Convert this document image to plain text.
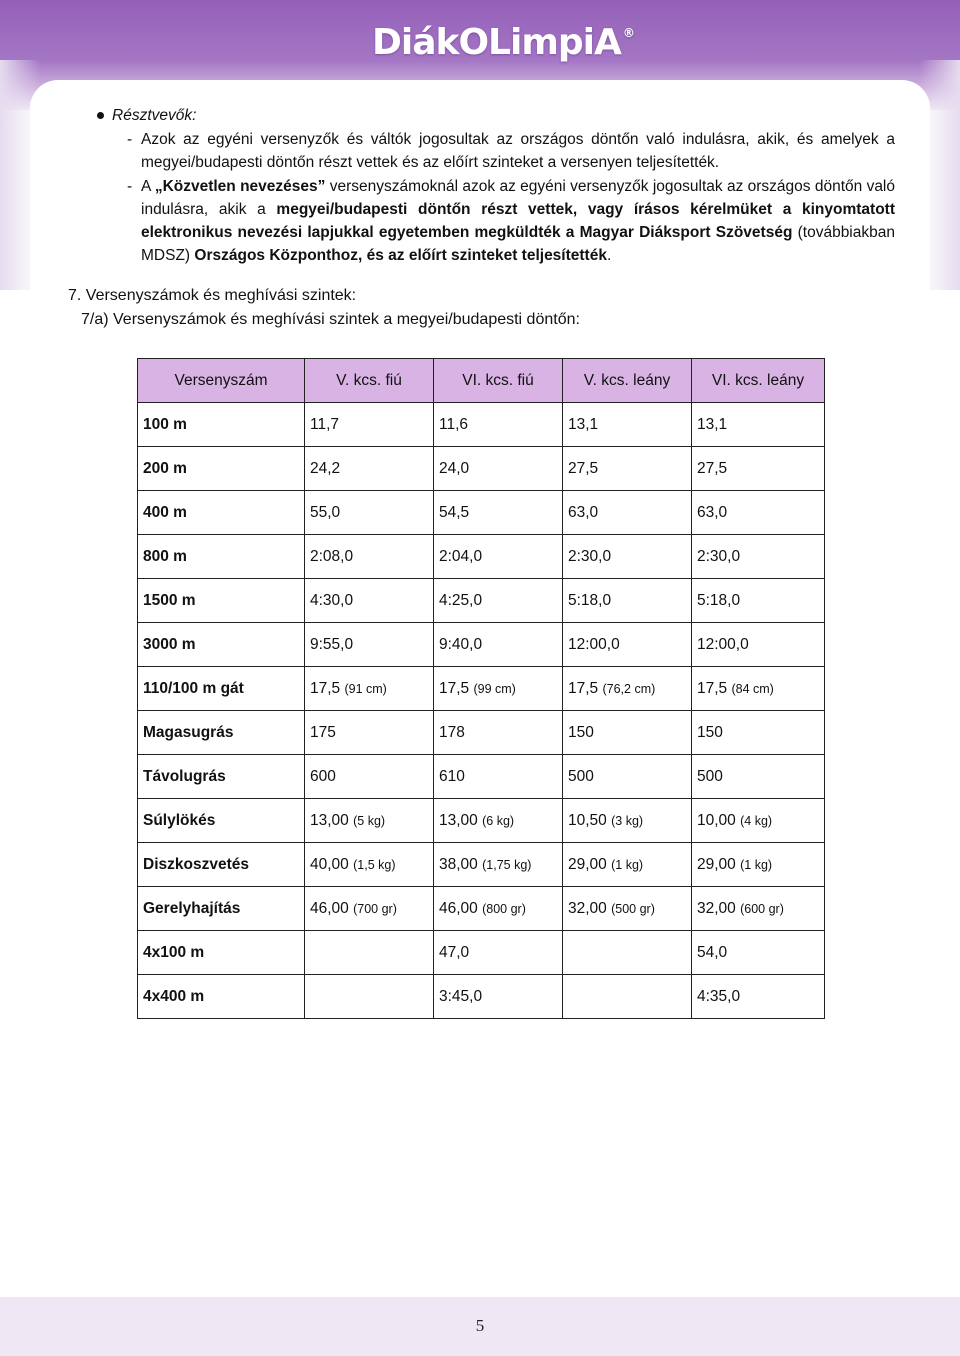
DiákOLimpiA ®
Résztvevők:
- Azok az egyéni versenyzők és váltók jogosultak az országos döntőn való indulásra, akik, és amelyek a megyei/budapesti döntőn részt vettek és az előírt szinteket a versenyen teljesítették.
- A „Közvetlen nevezéses” versenyszámoknál azok az egyéni versenyzők jogosultak az országos döntőn való indulásra, akik a megyei/budapesti döntőn részt vettek, vagy írásos kérelmüket a kinyomtatott elektronikus nevezési lapjukkal egyetemben megküldték a Magyar Diáksport Szövetség (továbbiakban MDSZ) Országos Központhoz, és az előírt szinteket teljesítették.
7. Versenyszámok és meghívási szintek:
7/a) Versenyszámok és meghívási szintek a megyei/budapesti döntőn:
Versenyszám	V. kcs. fiú	VI. kcs. fiú	V. kcs. leány	VI. kcs. leány
100 m	11,7	11,6	13,1	13,1
200 m	24,2	24,0	27,5	27,5
400 m	55,0	54,5	63,0	63,0
800 m	2:08,0	2:04,0	2:30,0	2:30,0
1500 m	4:30,0	4:25,0	5:18,0	5:18,0
3000 m	9:55,0	9:40,0	12:00,0	12:00,0
110/100 m gát	17,5 (91 cm)	17,5 (99 cm)	17,5 (76,2 cm)	17,5 (84 cm)
Magasugrás	175	178	150	150
Távolugrás	600	610	500	500
Súlylökés	13,00 (5 kg)	13,00 (6 kg)	10,50 (3 kg)	10,00 (4 kg)
Diszkoszvetés	40,00 (1,5 kg)	38,00 (1,75 kg)	29,00 (1 kg)	29,00 (1 kg)
Gerelyhajítás	46,00 (700 gr)	46,00 (800 gr)	32,00 (500 gr)	32,00 (600 gr)
4x100 m		47,0		54,0
4x400 m		3:45,0		4:35,0
5
